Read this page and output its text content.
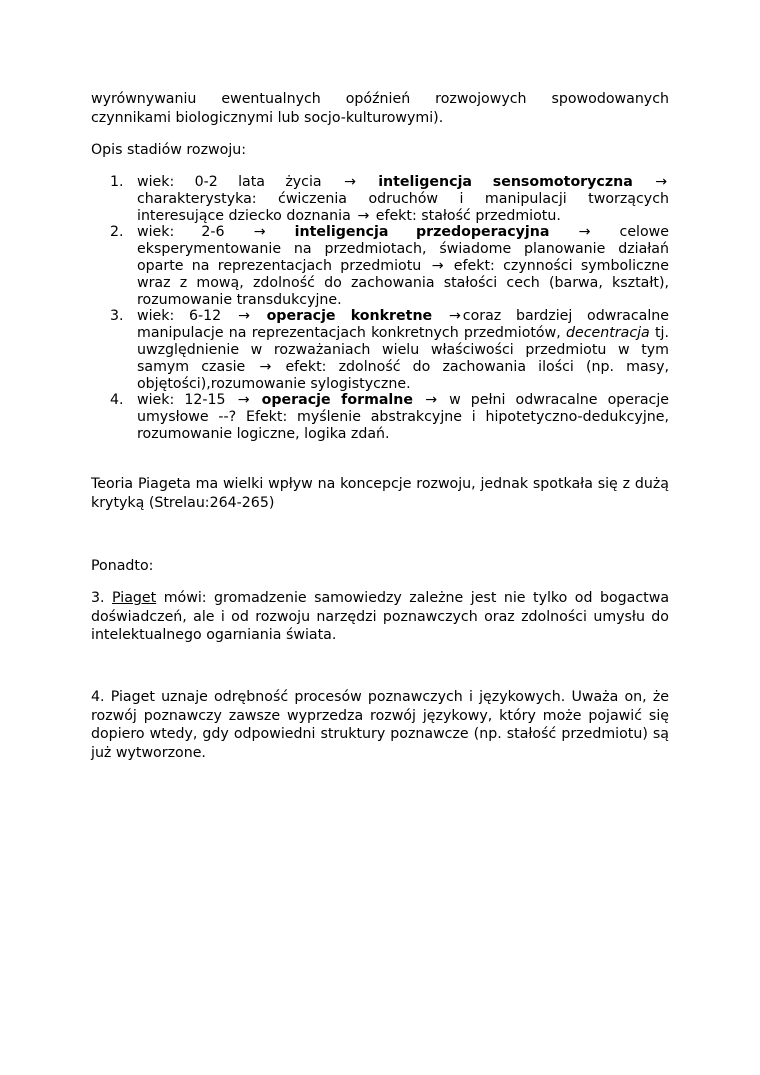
wyrównywaniu ewentualnych opóźnień rozwojowych spowodowanych czynnikami biologicznymi lub socjo-kulturowymi).
Opis stadiów rozwoju:
1. wiek: 0-2 lata życia → inteligencja sensomotoryczna → charakterystyka: ćwiczenia odruchów i manipulacji tworzących interesujące dziecko doznania → efekt: stałość przedmiotu.
2. wiek: 2-6 → inteligencja przedoperacyjna → celowe eksperymentowanie na przedmiotach, świadome planowanie działań oparte na reprezentacjach przedmiotu → efekt: czynności symboliczne wraz z mową, zdolność do zachowania stałości cech (barwa, kształt), rozumowanie transdukcyjne.
3. wiek: 6-12 → operacje konkretne → coraz bardziej odwracalne manipulacje na reprezentacjach konkretnych przedmiotów, decentracja tj. uwzględnienie w rozważaniach wielu właściwości przedmiotu w tym samym czasie → efekt: zdolność do zachowania ilości (np. masy, objętości),rozumowanie sylogistyczne.
4. wiek: 12-15 → operacje formalne → w pełni odwracalne operacje umysłowe --? Efekt: myślenie abstrakcyjne i hipotetyczno-dedukcyjne, rozumowanie logiczne, logika zdań.
Teoria Piageta ma wielki wpływ na koncepcje rozwoju, jednak spotkała się z dużą krytyką (Strelau:264-265)
Ponadto:
3. Piaget mówi: gromadzenie samowiedzy zależne jest nie tylko od bogactwa doświadczeń, ale i od rozwoju narzędzi poznawczych oraz zdolności umysłu do intelektualnego ogarniania świata.
4. Piaget uznaje odrębność procesów poznawczych i językowych. Uważa on, że rozwój poznawczy zawsze wyprzedza rozwój językowy, który może pojawić się dopiero wtedy, gdy odpowiedni struktury poznawcze (np. stałość przedmiotu) są już wytworzone.
